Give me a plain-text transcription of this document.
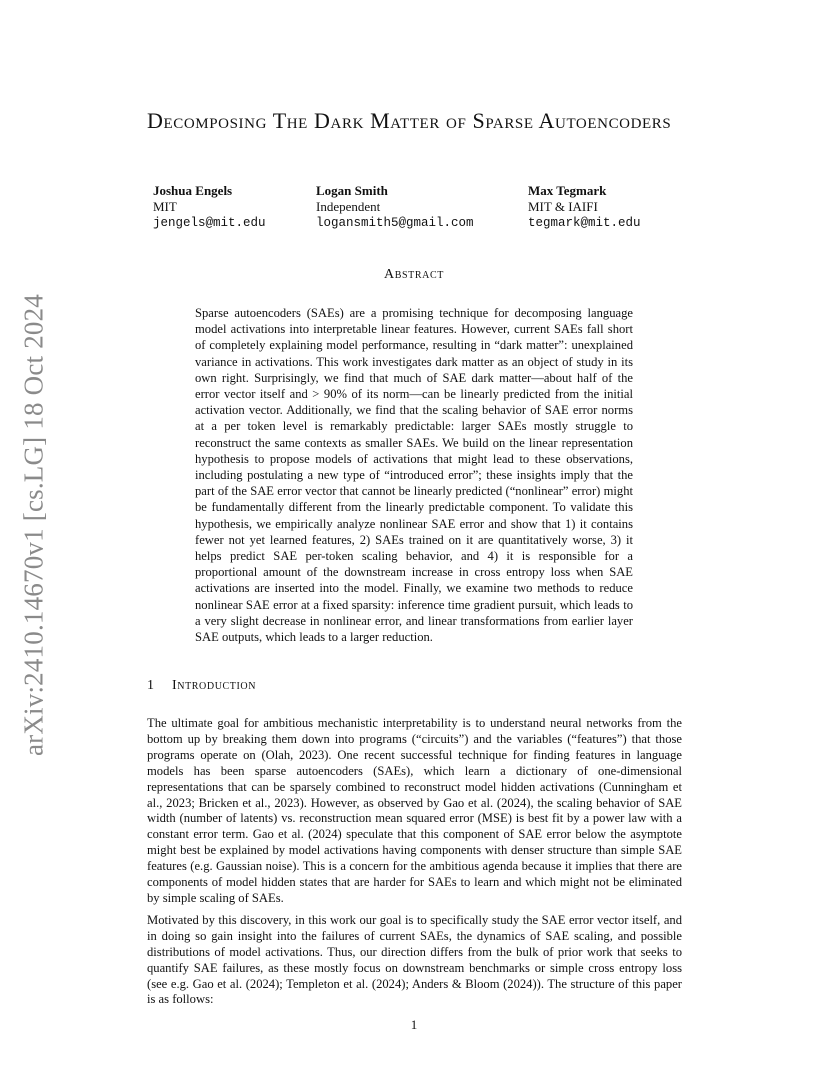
arXiv:2410.14670v1 [cs.LG] 18 Oct 2024
Decomposing The Dark Matter of Sparse Autoencoders
Joshua Engels
MIT
jengels@mit.edu
Logan Smith
Independent
logansmith5@gmail.com
Max Tegmark
MIT & IAIFI
tegmark@mit.edu
Abstract
Sparse autoencoders (SAEs) are a promising technique for decomposing language model activations into interpretable linear features. However, current SAEs fall short of completely explaining model performance, resulting in “dark matter”: unexplained variance in activations. This work investigates dark matter as an object of study in its own right. Surprisingly, we find that much of SAE dark matter—about half of the error vector itself and > 90% of its norm—can be linearly predicted from the initial activation vector. Additionally, we find that the scaling behavior of SAE error norms at a per token level is remarkably predictable: larger SAEs mostly struggle to reconstruct the same contexts as smaller SAEs. We build on the linear representation hypothesis to propose models of activations that might lead to these observations, including postulating a new type of “introduced error”; these insights imply that the part of the SAE error vector that cannot be linearly predicted (“nonlinear” error) might be fundamentally different from the linearly predictable component. To validate this hypothesis, we empirically analyze nonlinear SAE error and show that 1) it contains fewer not yet learned features, 2) SAEs trained on it are quantitatively worse, 3) it helps predict SAE per-token scaling behavior, and 4) it is responsible for a proportional amount of the downstream increase in cross entropy loss when SAE activations are inserted into the model. Finally, we examine two methods to reduce nonlinear SAE error at a fixed sparsity: inference time gradient pursuit, which leads to a very slight decrease in nonlinear error, and linear transformations from earlier layer SAE outputs, which leads to a larger reduction.
1 Introduction

The ultimate goal for ambitious mechanistic interpretability is to understand neural networks from the bottom up by breaking them down into programs (“circuits”) and the variables (“features”) that those programs operate on (Olah, 2023). One recent successful technique for finding features in language models has been sparse autoencoders (SAEs), which learn a dictionary of one-dimensional representations that can be sparsely combined to reconstruct model hidden activations (Cunningham et al., 2023; Bricken et al., 2023). However, as observed by Gao et al. (2024), the scaling behavior of SAE width (number of latents) vs. reconstruction mean squared error (MSE) is best fit by a power law with a constant error term. Gao et al. (2024) speculate that this component of SAE error below the asymptote might best be explained by model activations having components with denser structure than simple SAE features (e.g. Gaussian noise). This is a concern for the ambitious agenda because it implies that there are components of model hidden states that are harder for SAEs to learn and which might not be eliminated by simple scaling of SAEs.

Motivated by this discovery, in this work our goal is to specifically study the SAE error vector itself, and in doing so gain insight into the failures of current SAEs, the dynamics of SAE scaling, and possible distributions of model activations. Thus, our direction differs from the bulk of prior work that seeks to quantify SAE failures, as these mostly focus on downstream benchmarks or simple cross entropy loss (see e.g. Gao et al. (2024); Templeton et al. (2024); Anders & Bloom (2024)). The structure of this paper is as follows:

1
